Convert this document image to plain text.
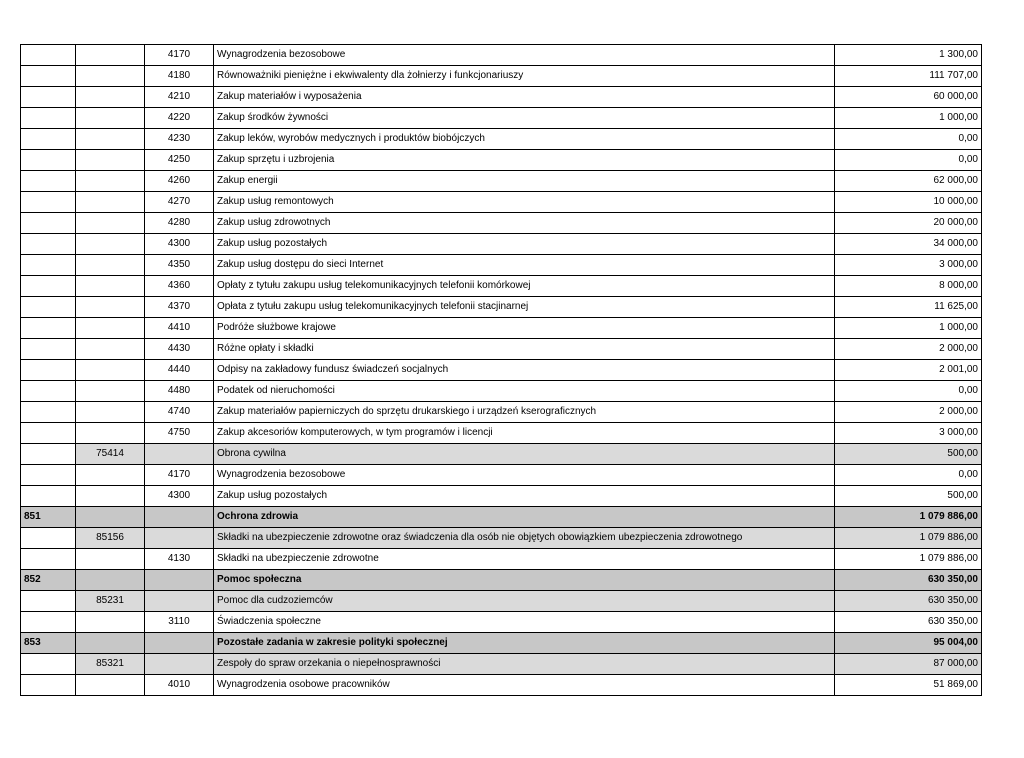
		4170	Wynagrodzenia bezosobowe	1 300,00
		4180	Równoważniki pieniężne i ekwiwalenty dla żołnierzy i funkcjonariuszy	111 707,00
		4210	Zakup materiałów i wyposażenia	60 000,00
		4220	Zakup środków żywności	1 000,00
		4230	Zakup leków, wyrobów medycznych i produktów biobójczych	0,00
		4250	Zakup sprzętu i uzbrojenia	0,00
		4260	Zakup energii	62 000,00
		4270	Zakup usług remontowych	10 000,00
		4280	Zakup usług zdrowotnych	20 000,00
		4300	Zakup usług pozostałych	34 000,00
		4350	Zakup usług dostępu do sieci Internet	3 000,00
		4360	Opłaty z tytułu zakupu usług telekomunikacyjnych telefonii komórkowej	8 000,00
		4370	Opłata z tytułu zakupu usług telekomunikacyjnych telefonii stacjinarnej	11 625,00
		4410	Podróże służbowe krajowe	1 000,00
		4430	Różne opłaty i składki	2 000,00
		4440	Odpisy na zakładowy fundusz świadczeń socjalnych	2 001,00
		4480	Podatek od nieruchomości	0,00
		4740	Zakup materiałów papierniczych do sprzętu drukarskiego i urządzeń kserograficznych	2 000,00
		4750	Zakup akcesoriów komputerowych, w tym programów i licencji	3 000,00
	75414		Obrona cywilna	500,00
		4170	Wynagrodzenia bezosobowe	0,00
		4300	Zakup usług pozostałych	500,00
851			Ochrona zdrowia	1 079 886,00
	85156		Składki na ubezpieczenie zdrowotne oraz świadczenia dla osób nie objętych obowiązkiem ubezpieczenia zdrowotnego	1 079 886,00
		4130	Składki na ubezpieczenie zdrowotne	1 079 886,00
852			Pomoc społeczna	630 350,00
	85231		Pomoc dla cudzoziemców	630 350,00
		3110	Świadczenia społeczne	630 350,00
853			Pozostałe zadania w zakresie polityki społecznej	95 004,00
	85321		Zespoły do spraw orzekania o niepełnosprawności	87 000,00
		4010	Wynagrodzenia osobowe pracowników	51 869,00
